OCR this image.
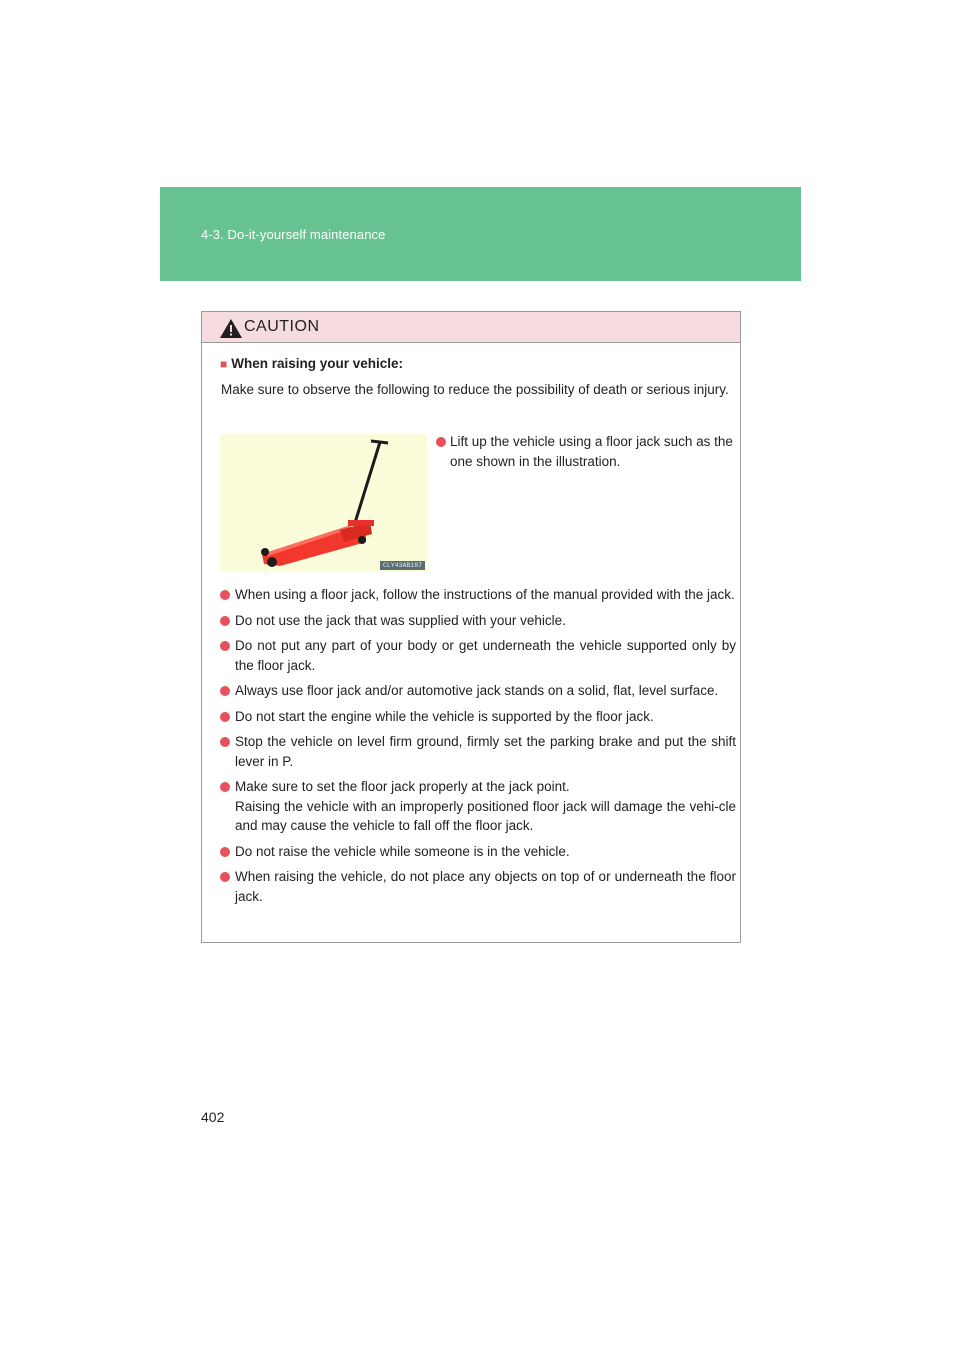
4-3. Do-it-yourself maintenance
CAUTION
■ When raising your vehicle:
Make sure to observe the following to reduce the possibility of death or serious injury.
CLY43AB187
Lift up the vehicle using a floor jack such as the one shown in the illustration.
When using a floor jack, follow the instructions of the manual provided with the jack.
Do not use the jack that was supplied with your vehicle.
Do not put any part of your body or get underneath the vehicle supported only by the floor jack.
Always use floor jack and/or automotive jack stands on a solid, flat, level surface.
Do not start the engine while the vehicle is supported by the floor jack.
Stop the vehicle on level firm ground, firmly set the parking brake and put the shift lever in P.
Make sure to set the floor jack properly at the jack point.
Raising the vehicle with an improperly positioned floor jack will damage the vehi-cle and may cause the vehicle to fall off the floor jack.
Do not raise the vehicle while someone is in the vehicle.
When raising the vehicle, do not place any objects on top of or underneath the floor jack.
402
